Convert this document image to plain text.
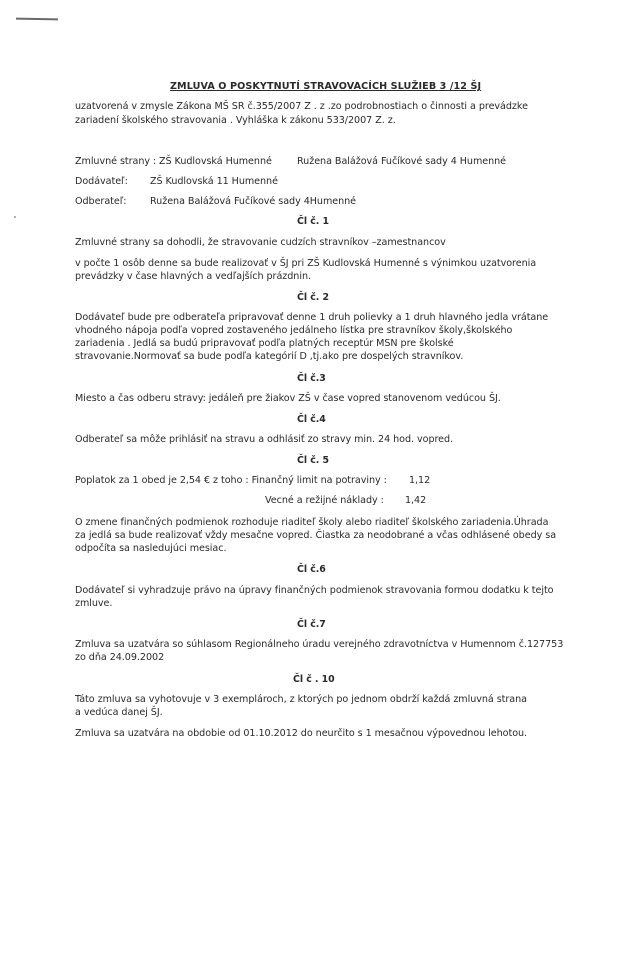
ZMLUVA O POSKYTNUTÍ STRAVOVACÍCH SLUŽIEB 3 /12 ŠJ

uzatvorená v zmysle Zákona MŠ SR č.355/2007 Z . z .zo podrobnostiach o činnosti a prevádzke

zariadení školského stravovania . Vyhláška k zákonu 533/2007 Z. z.

Zmluvné strany : ZŠ Kudlovská Humenné	Ružena Balážová Fučíkové sady 4 Humenné

Dodávateľ: ZŠ Kudlovská 11 Humenné

Odberateľ: Ružena Balážová Fučíkové sady 4Humenné

Čl č. 1

Zmluvné strany sa dohodli, že stravovanie cudzích stravníkov –zamestnancov

v počte 1 osôb denne sa bude realizovať v ŠJ pri ZŠ Kudlovská Humenné s výnimkou uzatvorenia

prevádzky v čase hlavných a vedľajších prázdnin.

Čl č. 2

Dodávateľ bude pre odberateľa pripravovať denne 1 druh polievky a 1 druh hlavného jedla vrátane

vhodného nápoja podľa vopred zostaveného jedálneho lístka pre stravníkov školy,školského

zariadenia . Jedlá sa budú pripravovať podľa platných receptúr MSN pre školské

stravovanie.Normovať sa bude podľa kategórií D ,tj.ako pre dospelých stravníkov.

Čl č.3

Miesto a čas odberu stravy: jedáleň pre žiakov ZŠ v čase vopred stanovenom vedúcou ŠJ.

Čl č.4

Odberateľ sa môže prihlásiť na stravu a odhlásiť zo stravy min. 24 hod. vopred.

Čl č. 5

Poplatok za 1 obed je 2,54 € z toho : Finančný limit na potraviny : 1,12

Vecné a režijné náklady : 1,42

O zmene finančných podmienok rozhoduje riaditeľ školy alebo riaditeľ školského zariadenia.Úhrada

za jedlá sa bude realizovať vždy mesačne vopred. Čiastka za neodobrané a včas odhlásené obedy sa

odpočíta sa nasledujúci mesiac.

Čl č.6

Dodávateľ si vyhradzuje právo na úpravy finančných podmienok stravovania formou dodatku k tejto

zmluve.

Čl č.7

Zmluva sa uzatvára so súhlasom Regionálneho úradu verejného zdravotníctva v Humennom č.127753

zo dňa 24.09.2002

Čl č . 10

Táto zmluva sa vyhotovuje v 3 exemplároch, z ktorých po jednom obdrží každá zmluvná strana

a vedúca danej ŠJ.

Zmluva sa uzatvára na obdobie od 01.10.2012 do neurčito s 1 mesačnou výpovednou lehotou.
